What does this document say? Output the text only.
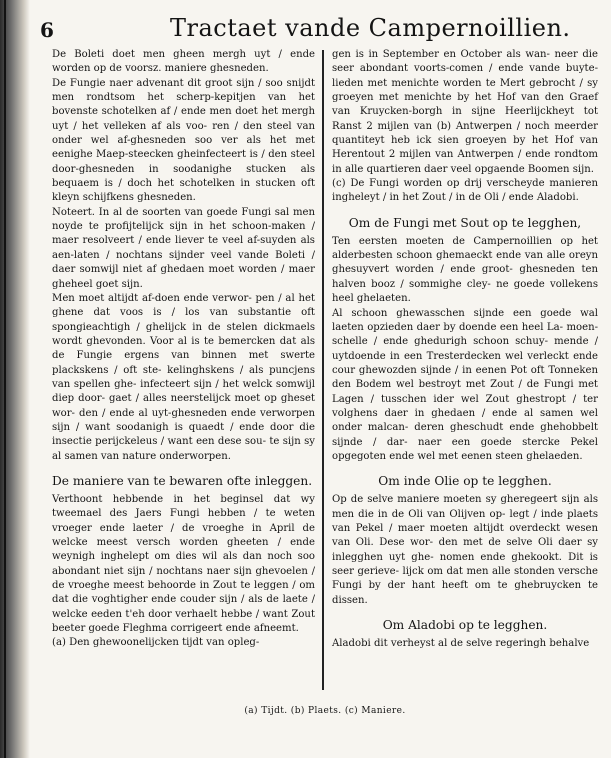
6	Tractaet vande Campernoillien.

De Boleti doet men gheen mergh uyt / ende worden op de voorsz. maniere ghesneden.

De Fungie naer advenant dit groot sijn / soo snijdt men rondtsom het scherp-kepitjen van het bovenste schotelken af / ende men doet het mergh uyt / het velleken af als voo- ren / den steel van onder wel af-ghesneden soo ver als het met eenighe Maep-steecken gheinfecteert is / den steel door-ghesneden in soodanighe stucken als bequaem is / doch het schotelken in stucken oft kleyn schijfkens ghesneden.

Noteert. In al de soorten van goede Fungi sal men noyde te profijtelijck sijn in het schoon-maken / maer resolveert / ende liever te veel af-suyden als aen-laten / nochtans sijnder veel vande Boleti / daer somwijl niet af ghedaen moet worden / maer gheheel goet sijn.

Men moet altijdt af-doen ende verwor- pen / al het ghene dat voos is / los van substantie oft spongieachtigh / ghelijck in de stelen dickmaels wordt ghevonden. Voor al is te bemercken dat als de Fungie ergens van binnen met swerte plackskens / oft ste- kelinghskens / als puncjens van spellen ghe- infecteert sijn / het welck somwijl diep door- gaet / alles neerstelijck moet op gheset wor- den / ende al uyt-ghesneden ende verworpen sijn / want soodanigh is quaedt / ende door die insectie perijckeleus / want een dese sou- te sijn sy al samen van nature onderworpen.

De maniere van te bewaren ofte inleggen.

Verthoont hebbende in het beginsel dat wy tweemael des Jaers Fungi hebben / te weten vroeger ende laeter / de vroeghe in April de welcke meest versch worden gheeten / ende weynigh inghelept om dies wil als dan noch soo abondant niet sijn / nochtans naer sijn ghevoelen / de vroeghe meest behoorde in Zout te leggen / om dat die voghtigher ende couder sijn / als de laete / welcke eeden t'eh door verhaelt hebbe / want Zout beeter goede Fleghma corrigeert ende afneemt.

(a) Den ghewoonelijcken tijdt van opleg-

gen is in September en October als wan- neer die seer abondant voorts-comen / ende vande buyte-lieden met menichte worden te Mert gebrocht / sy groeyen met menichte by het Hof van den Graef van Kruycken-borgh in sijne Heerlijckheyt tot Ranst 2 mijlen van (b) Antwerpen / noch meerder quantiteyt heb ick sien groeyen by het Hof van Herentout 2 mijlen van Antwerpen / ende rondtom in alle quartieren daer veel opgaende Boomen sijn.

(c) De Fungi worden op drij verscheyde manieren ingheleyt / in het Zout / in de Oli / ende Aladobi.

Om de Fungi met Sout op te legghen,

Ten eersten moeten de Campernoillien op het alderbesten schoon ghemaeckt ende van alle oreyn ghesuyvert worden / ende groot- ghesneden ten halven booz / sommighe cley- ne goede vollekens heel ghelaeten.

Al schoon ghewasschen sijnde een goede wal laeten opzieden daer by doende een heel La- moen-schelle / ende ghedurigh schoon schuy- mende / uytdoende in een Tresterdecken wel verleckt ende cour ghewozden sijnde / in eenen Pot oft Tonneken den Bodem wel bestroyt met Zout / de Fungi met Lagen / tusschen ider wel Zout ghestropt / ter volghens daer in ghedaen / ende al samen wel onder malcan- deren gheschudt ende ghehobbelt sijnde / dar- naer een goede stercke Pekel opgegoten ende wel met eenen steen ghelaeden.

Om inde Olie op te legghen.

Op de selve maniere moeten sy gheregeert sijn als men die in de Oli van Olijven op- legt / inde plaets van Pekel / maer moeten altijdt overdeckt wesen van Oli. Dese wor- den met de selve Oli daer sy inlegghen uyt ghe- nomen ende ghekookt. Dit is seer gerieve- lijck om dat men alle stonden versche Fungi by der hant heeft om te ghebruycken te dissen.

Om Aladobi op te legghen.

Aladobi dit verheyst al de selve regeringh behalve

(a) Tijdt. (b) Plaets. (c) Maniere.
